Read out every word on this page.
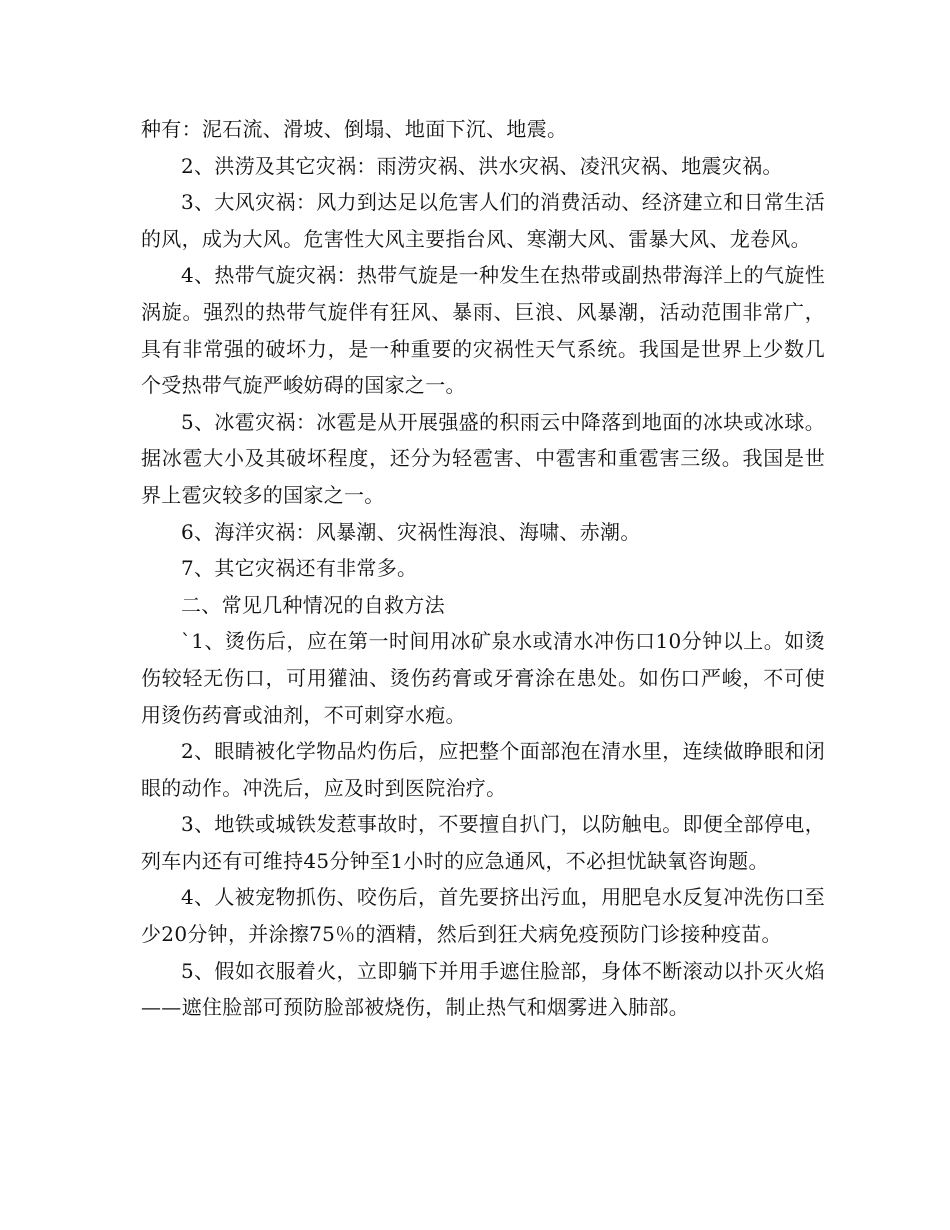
种有：泥石流、滑坡、倒塌、地面下沉、地震。

2、洪涝及其它灾祸：雨涝灾祸、洪水灾祸、凌汛灾祸、地震灾祸。

3、大风灾祸：风力到达足以危害人们的消费活动、经济建立和日常生活的风，成为大风。危害性大风主要指台风、寒潮大风、雷暴大风、龙卷风。

4、热带气旋灾祸：热带气旋是一种发生在热带或副热带海洋上的气旋性涡旋。强烈的热带气旋伴有狂风、暴雨、巨浪、风暴潮，活动范围非常广，具有非常强的破坏力，是一种重要的灾祸性天气系统。我国是世界上少数几个受热带气旋严峻妨碍的国家之一。

5、冰雹灾祸：冰雹是从开展强盛的积雨云中降落到地面的冰块或冰球。据冰雹大小及其破坏程度，还分为轻雹害、中雹害和重雹害三级。我国是世界上雹灾较多的国家之一。

6、海洋灾祸：风暴潮、灾祸性海浪、海啸、赤潮。

7、其它灾祸还有非常多。

二、常见几种情况的自救方法

`1、烫伤后，应在第一时间用冰矿泉水或清水冲伤口10分钟以上。如烫伤较轻无伤口，可用獾油、烫伤药膏或牙膏涂在患处。如伤口严峻，不可使用烫伤药膏或油剂，不可刺穿水疱。

2、眼睛被化学物品灼伤后，应把整个面部泡在清水里，连续做睁眼和闭眼的动作。冲洗后，应及时到医院治疗。

3、地铁或城铁发惹事故时，不要擅自扒门，以防触电。即便全部停电，列车内还有可维持45分钟至1小时的应急通风，不必担忧缺氧咨询题。

4、人被宠物抓伤、咬伤后，首先要挤出污血，用肥皂水反复冲洗伤口至少20分钟，并涂擦75％的酒精，然后到狂犬病免疫预防门诊接种疫苗。

5、假如衣服着火，立即躺下并用手遮住脸部，身体不断滚动以扑灭火焰——遮住脸部可预防脸部被烧伤，制止热气和烟雾进入肺部。
